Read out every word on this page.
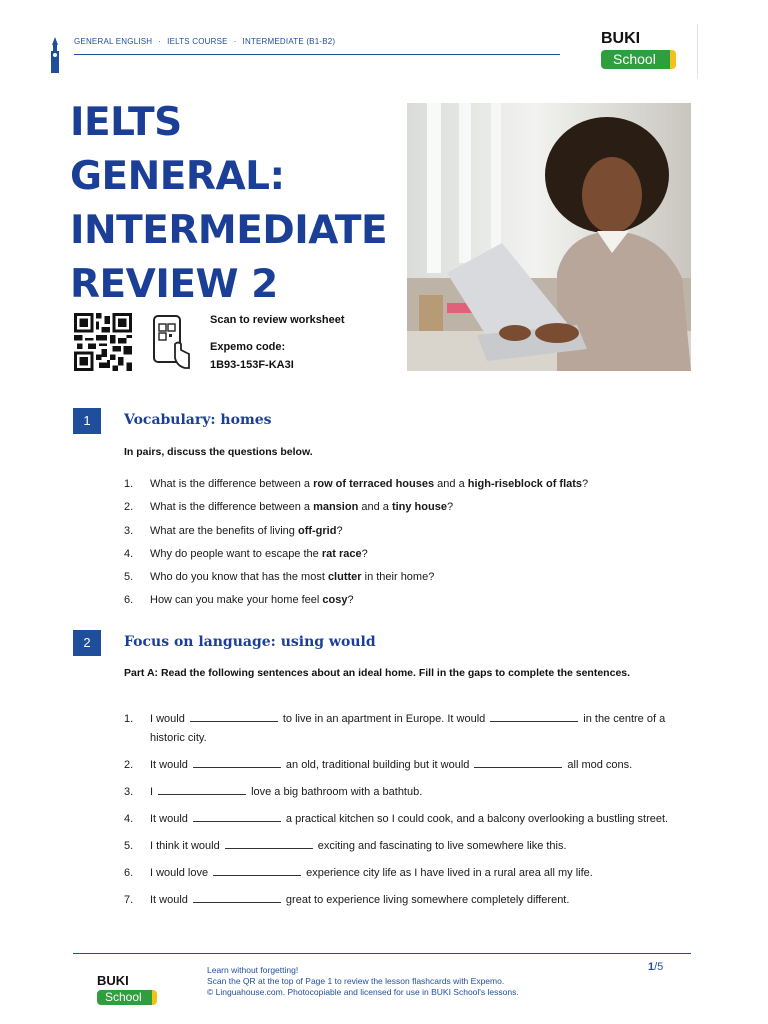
GENERAL ENGLISH · IELTS COURSE · INTERMEDIATE (B1-B2)	BUKI
School
IELTS GENERAL:
INTERMEDIATE
REVIEW 2
Scan to review worksheet
Expemo code:
1B93-153F-KA3I
1	Vocabulary: homes
In pairs, discuss the questions below.
1. What is the difference between a row of terraced houses and a high-riseblock of flats?
2. What is the difference between a mansion and a tiny house?
3. What are the benefits of living off-grid?
4. Why do people want to escape the rat race?
5. Who do you know that has the most clutter in their home?
6. How can you make your home feel cosy?
2	Focus on language: using would
Part A: Read the following sentences about an ideal home. Fill in the gaps to complete the sentences.
1. I would	to live in an apartment in Europe. It would	in the centre of a historic city.
2. It would	an old, traditional building but it would	all mod cons.
3. I	love a big bathroom with a bathtub.
4. It would	a practical kitchen so I could cook, and a balcony overlooking a bustling street.
5. I think it would	exciting and fascinating to live somewhere like this.
6. I would love	experience city life as I have lived in a rural area all my life.
7. It would	great to experience living somewhere completely different.
BUKI
School
Learn without forgetting!
Scan the QR at the top of Page 1 to review the lesson flashcards with Expemo.
© Linguahouse.com. Photocopiable and licensed for use in BUKI School's lessons.
1/5
